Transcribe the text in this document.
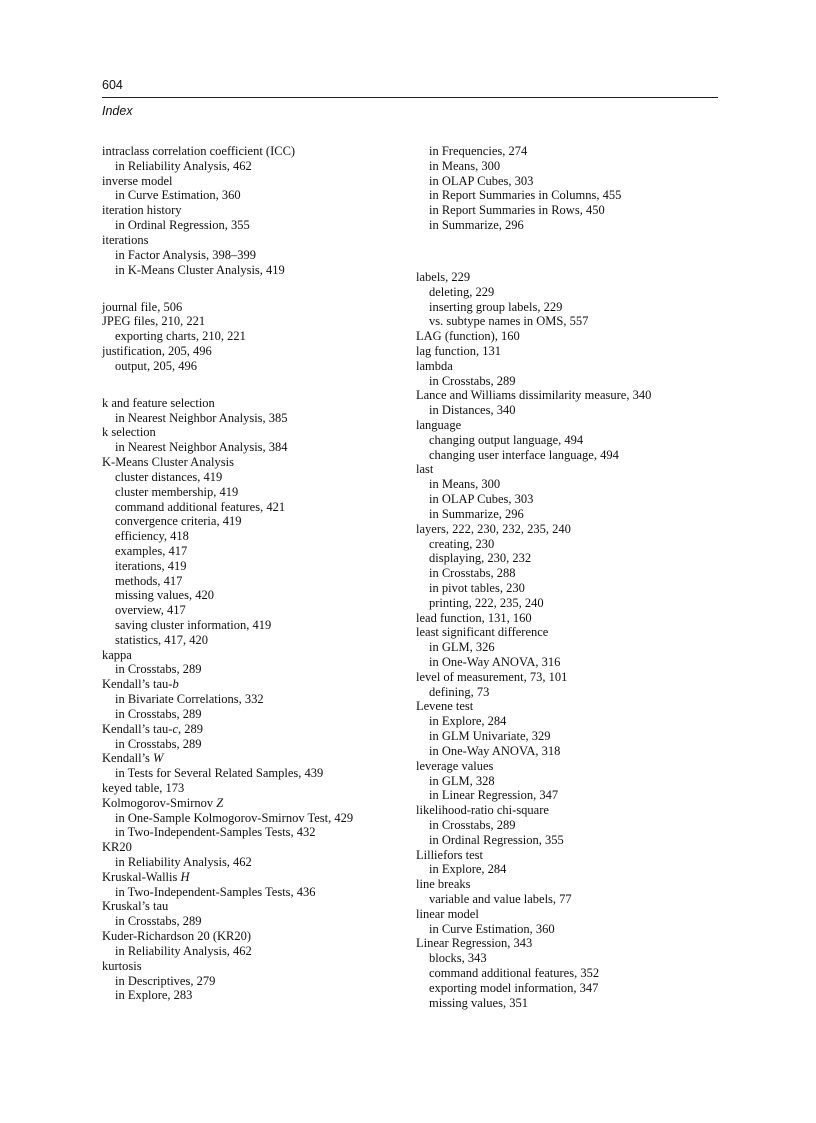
604
Index
intraclass correlation coefficient (ICC)
in Reliability Analysis, 462
inverse model
in Curve Estimation, 360
iteration history
in Ordinal Regression, 355
iterations
in Factor Analysis, 398–399
in K-Means Cluster Analysis, 419
journal file, 506
JPEG files, 210, 221
exporting charts, 210, 221
justification, 205, 496
output, 205, 496
k and feature selection
in Nearest Neighbor Analysis, 385
k selection
in Nearest Neighbor Analysis, 384
K-Means Cluster Analysis
cluster distances, 419
cluster membership, 419
command additional features, 421
convergence criteria, 419
efficiency, 418
examples, 417
iterations, 419
methods, 417
missing values, 420
overview, 417
saving cluster information, 419
statistics, 417, 420
kappa
in Crosstabs, 289
Kendall’s tau-b
in Bivariate Correlations, 332
in Crosstabs, 289
Kendall’s tau-c, 289
in Crosstabs, 289
Kendall’s W
in Tests for Several Related Samples, 439
keyed table, 173
Kolmogorov-Smirnov Z
in One-Sample Kolmogorov-Smirnov Test, 429
in Two-Independent-Samples Tests, 432
KR20
in Reliability Analysis, 462
Kruskal-Wallis H
in Two-Independent-Samples Tests, 436
Kruskal’s tau
in Crosstabs, 289
Kuder-Richardson 20 (KR20)
in Reliability Analysis, 462
kurtosis
in Descriptives, 279
in Explore, 283
in Frequencies, 274
in Means, 300
in OLAP Cubes, 303
in Report Summaries in Columns, 455
in Report Summaries in Rows, 450
in Summarize, 296
labels, 229
deleting, 229
inserting group labels, 229
vs. subtype names in OMS, 557
LAG (function), 160
lag function, 131
lambda
in Crosstabs, 289
Lance and Williams dissimilarity measure, 340
in Distances, 340
language
changing output language, 494
changing user interface language, 494
last
in Means, 300
in OLAP Cubes, 303
in Summarize, 296
layers, 222, 230, 232, 235, 240
creating, 230
displaying, 230, 232
in Crosstabs, 288
in pivot tables, 230
printing, 222, 235, 240
lead function, 131, 160
least significant difference
in GLM, 326
in One-Way ANOVA, 316
level of measurement, 73, 101
defining, 73
Levene test
in Explore, 284
in GLM Univariate, 329
in One-Way ANOVA, 318
leverage values
in GLM, 328
in Linear Regression, 347
likelihood-ratio chi-square
in Crosstabs, 289
in Ordinal Regression, 355
Lilliefors test
in Explore, 284
line breaks
variable and value labels, 77
linear model
in Curve Estimation, 360
Linear Regression, 343
blocks, 343
command additional features, 352
exporting model information, 347
missing values, 351
